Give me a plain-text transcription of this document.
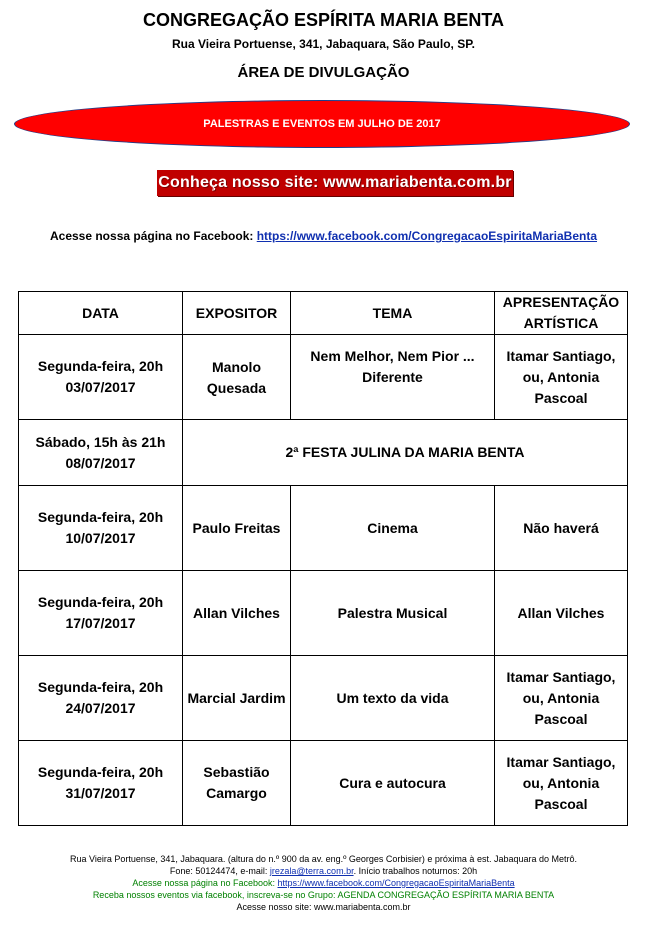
CONGREGAÇÃO ESPÍRITA MARIA BENTA
Rua Vieira Portuense, 341, Jabaquara, São Paulo, SP.
ÁREA DE DIVULGAÇÃO
PALESTRAS E EVENTOS EM JULHO DE 2017
Conheça nosso site: www.mariabenta.com.br
Acesse nossa página no Facebook: https://www.facebook.com/CongregacaoEspiritaMariaBenta
DATA	EXPOSITOR	TEMA	APRESENTAÇÃO ARTÍSTICA
Segunda-feira, 20h 03/07/2017	Manolo Quesada	Nem Melhor, Nem Pior ... Diferente	Itamar Santiago, ou, Antonia Pascoal
Sábado, 15h às 21h 08/07/2017	2ª FESTA JULINA DA MARIA BENTA		
Segunda-feira, 20h 10/07/2017	Paulo Freitas	Cinema	Não haverá
Segunda-feira, 20h 17/07/2017	Allan Vilches	Palestra Musical	Allan Vilches
Segunda-feira, 20h 24/07/2017	Marcial Jardim	Um texto da vida	Itamar Santiago, ou, Antonia Pascoal
Segunda-feira, 20h 31/07/2017	Sebastião Camargo	Cura e autocura	Itamar Santiago, ou, Antonia Pascoal
Rua Vieira Portuense, 341, Jabaquara. (altura do n.º 900 da av. eng.º Georges Corbisier) e próxima à est. Jabaquara do Metrô.
Fone: 50124474, e-mail: jrezala@terra.com.br. Início trabalhos noturnos: 20h
Acesse nossa página no Facebook: https://www.facebook.com/CongregacaoEspiritaMariaBenta
Receba nossos eventos via facebook, inscreva-se no Grupo: AGENDA CONGREGAÇÃO ESPÍRITA MARIA BENTA
Acesse nosso site: www.mariabenta.com.br
